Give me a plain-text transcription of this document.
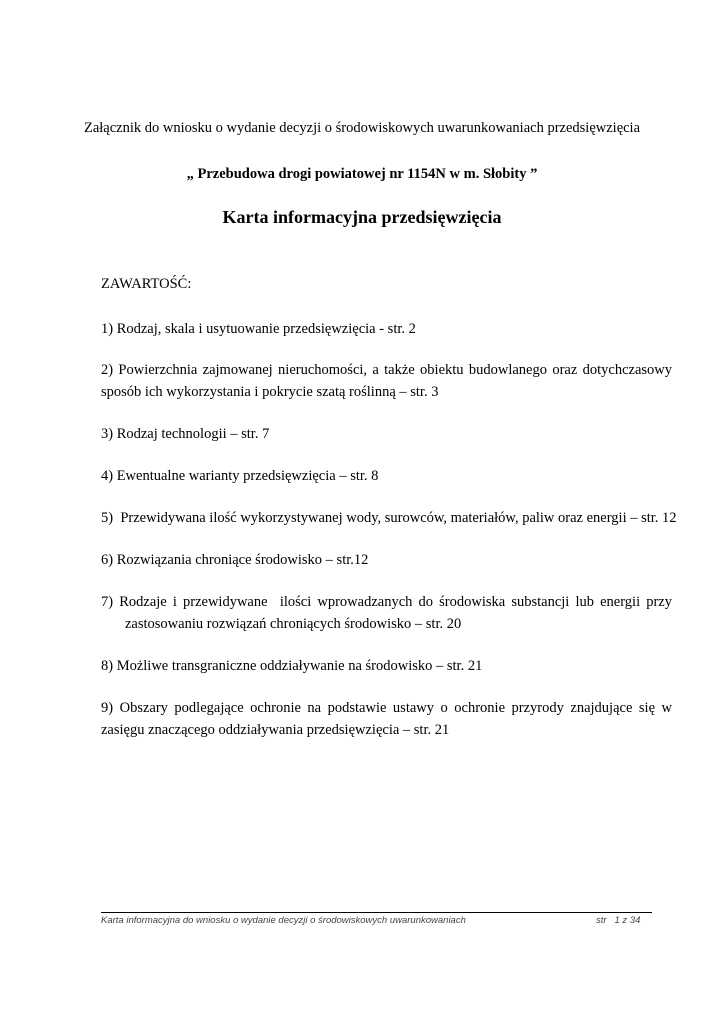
Załącznik do wniosku o wydanie decyzji o środowiskowych uwarunkowaniach przedsięwzięcia
„ Przebudowa drogi powiatowej nr 1154N w m. Słobity ”
Karta informacyjna przedsięwzięcia
ZAWARTOŚĆ:
1) Rodzaj, skala i usytuowanie przedsięwzięcia - str. 2
2) Powierzchnia zajmowanej nieruchomości, a także obiektu budowlanego oraz dotychczasowy sposób ich wykorzystania i pokrycie szatą roślinną – str. 3
3) Rodzaj technologii – str. 7
4) Ewentualne warianty przedsięwzięcia – str. 8
5)  Przewidywana ilość wykorzystywanej wody, surowców, materiałów, paliw oraz energii – str. 12
6) Rozwiązania chroniące środowisko – str.12
7) Rodzaje i przewidywane  ilości wprowadzanych do środowiska substancji lub energii przy
zastosowaniu rozwiązań chroniących środowisko – str. 20
8) Możliwe transgraniczne oddziaływanie na środowisko – str. 21
9) Obszary podlegające ochronie na podstawie ustawy o ochronie przyrody znajdujące się w zasięgu znaczącego oddziaływania przedsięwzięcia – str. 21
Karta informacyjna do wniosku o wydanie decyzji o środowiskowych uwarunkowaniach	str   1 z 34
